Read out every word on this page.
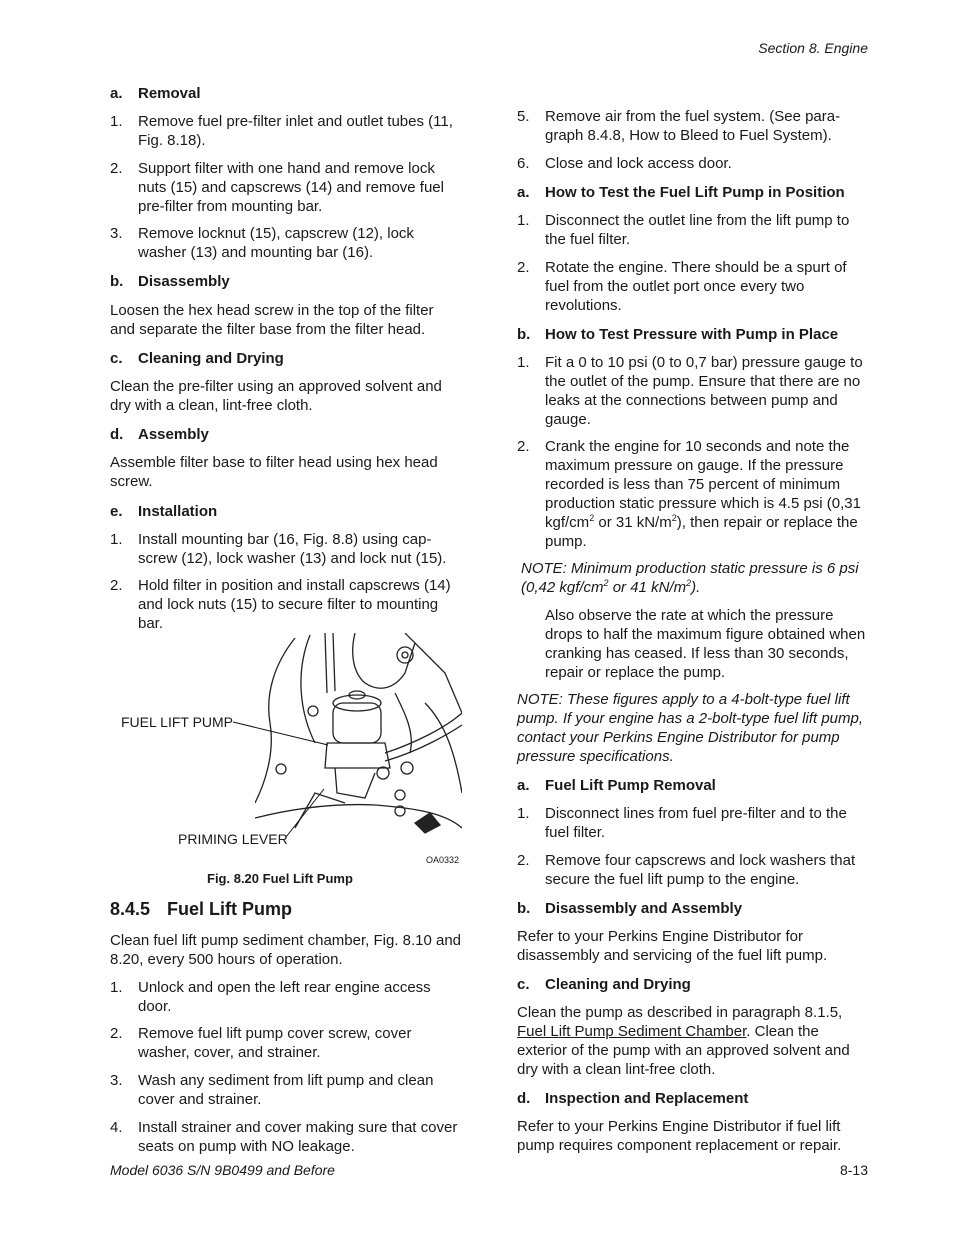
Section 8. Engine
a. Removal
1.	Remove fuel pre-filter inlet and outlet tubes (11, Fig. 8.18).
2.	Support filter with one hand and remove lock nuts (15) and capscrews (14) and remove fuel pre-filter from mounting bar.
3.	Remove locknut (15), capscrew (12), lock washer (13) and mounting bar (16).
b. Disassembly
Loosen the hex head screw in the top of the filter and separate the filter base from the filter head.
c. Cleaning and Drying
Clean the pre-filter using an approved solvent and dry with a clean, lint-free cloth.
d. Assembly
Assemble filter base to filter head using hex head screw.
e. Installation
1.	Install mounting bar (16, Fig. 8.8) using cap-screw (12), lock washer (13) and lock nut (15).
2.	Hold filter in position and install capscrews (14) and lock nuts (15) to secure filter to mounting bar.
FUEL LIFT PUMP
PRIMING LEVER
OA0332
Fig. 8.20 Fuel Lift Pump
8.4.5 Fuel Lift Pump
Clean fuel lift pump sediment chamber, Fig. 8.10 and 8.20, every 500 hours of operation.
1.	Unlock and open the left rear engine access door.
2.	Remove fuel lift pump cover screw, cover washer, cover, and strainer.
3.	Wash any sediment from lift pump and clean cover and strainer.
4.	Install strainer and cover making sure that cover seats on pump with NO leakage.
5.	Remove air from the fuel system. (See para-graph 8.4.8, How to Bleed to Fuel System).
6.	Close and lock access door.
a. How to Test the Fuel Lift Pump in Position
1.	Disconnect the outlet line from the lift pump to the fuel filter.
2.	Rotate the engine. There should be a spurt of fuel from the outlet port once every two revolutions.
b. How to Test Pressure with Pump in Place
1.	Fit a 0 to 10 psi (0 to 0,7 bar) pressure gauge to the outlet of the pump. Ensure that there are no leaks at the connections between pump and gauge.
2.	Crank the engine for 10 seconds and note the maximum pressure on gauge. If the pressure recorded is less than 75 percent of minimum production static pressure which is 4.5 psi (0,31 kgf/$cm^2$ or 31 $kN/m^2$), then repair or replace the pump.
NOTE: Minimum production static pressure is 6 psi (0,42 kgf/$cm^2$ or 41 $kN/m^2$).
Also observe the rate at which the pressure drops to half the maximum figure obtained when cranking has ceased. If less than 30 seconds, repair or replace the pump.
NOTE: These figures apply to a 4-bolt-type fuel lift pump. If your engine has a 2-bolt-type fuel lift pump, contact your Perkins Engine Distributor for pump pressure specifications.
a. Fuel Lift Pump Removal
1.	Disconnect lines from fuel pre-filter and to the fuel filter.
2.	Remove four capscrews and lock washers that secure the fuel lift pump to the engine.
b. Disassembly and Assembly
Refer to your Perkins Engine Distributor for disassembly and servicing of the fuel lift pump.
c. Cleaning and Drying
Clean the pump as described in paragraph 8.1.5, Fuel Lift Pump Sediment Chamber. Clean the exterior of the pump with an approved solvent and dry with a clean lint-free cloth.
d. Inspection and Replacement
Refer to your Perkins Engine Distributor if fuel lift pump requires component replacement or repair.
Model 6036 S/N 9B0499 and Before	8-13
